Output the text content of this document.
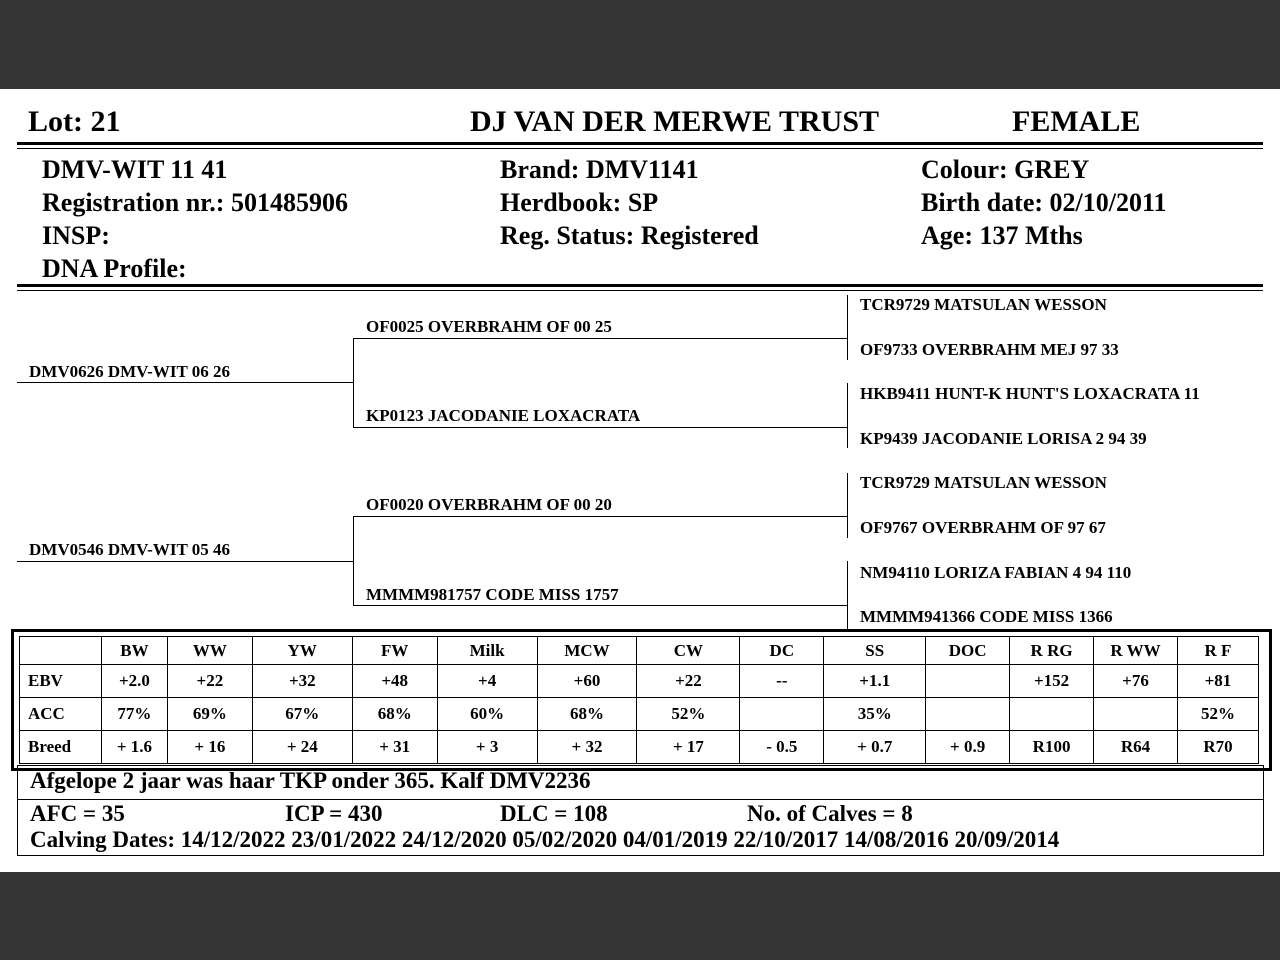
Lot: 21	DJ VAN DER MERWE TRUST	FEMALE
DMV-WIT 11 41
Registration nr.: 501485906
INSP:
DNA Profile:
Brand: DMV1141
Herdbook: SP
Reg. Status: Registered
Colour: GREY
Birth date: 02/10/2011
Age: 137 Mths
DMV0626 DMV-WIT 06 26
DMV0546 DMV-WIT 05 46
OF0025 OVERBRAHM OF 00 25
KP0123 JACODANIE LOXACRATA
OF0020 OVERBRAHM OF 00 20
MMMM981757 CODE MISS 1757
TCR9729 MATSULAN WESSON
OF9733 OVERBRAHM MEJ 97 33
HKB9411 HUNT-K HUNT'S LOXACRATA 11
KP9439 JACODANIE LORISA 2 94 39
TCR9729 MATSULAN WESSON
OF9767 OVERBRAHM OF 97 67
NM94110 LORIZA FABIAN 4 94 110
MMMM941366 CODE MISS 1366
	BW	WW	YW	FW	Milk	MCW	CW	DC	SS	DOC	R RG	R WW	R F
EBV	+2.0	+22	+32	+48	+4	+60	+22	--	+1.1		+152	+76	+81
ACC	77%	69%	67%	68%	60%	68%	52%		35%				52%
Breed	+ 1.6	+ 16	+ 24	+ 31	+ 3	+ 32	+ 17	- 0.5	+ 0.7	+ 0.9	R100	R64	R70
Afgelope 2 jaar was haar TKP onder 365. Kalf DMV2236
AFC = 35	ICP = 430	DLC = 108	No. of Calves = 8
Calving Dates: 14/12/2022 23/01/2022 24/12/2020 05/02/2020 04/01/2019 22/10/2017 14/08/2016 20/09/2014
